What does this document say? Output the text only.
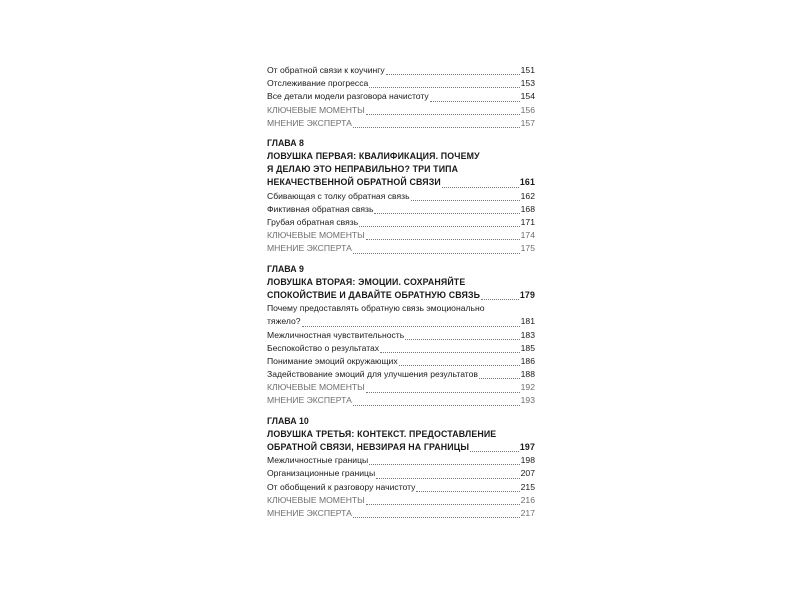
От обратной связи к коучингу	151
Отслеживание прогресса	153
Все детали модели разговора начистоту	154
КЛЮЧЕВЫЕ МОМЕНТЫ	156
МНЕНИЕ ЭКСПЕРТА	157
ГЛАВА 8
ЛОВУШКА ПЕРВАЯ: КВАЛИФИКАЦИЯ. ПОЧЕМУ
Я ДЕЛАЮ ЭТО НЕПРАВИЛЬНО? ТРИ ТИПА
НЕКАЧЕСТВЕННОЙ ОБРАТНОЙ СВЯЗИ	161
Сбивающая с толку обратная связь	162
Фиктивная обратная связь	168
Грубая обратная связь	171
КЛЮЧЕВЫЕ МОМЕНТЫ	174
МНЕНИЕ ЭКСПЕРТА	175
ГЛАВА 9
ЛОВУШКА ВТОРАЯ: ЭМОЦИИ. СОХРАНЯЙТЕ
СПОКОЙСТВИЕ И ДАВАЙТЕ ОБРАТНУЮ СВЯЗЬ	179
Почему предоставлять обратную связь эмоционально
тяжело?	181
Межличностная чувствительность	183
Беспокойство о результатах	185
Понимание эмоций окружающих	186
Задействование эмоций для улучшения результатов	188
КЛЮЧЕВЫЕ МОМЕНТЫ	192
МНЕНИЕ ЭКСПЕРТА	193
ГЛАВА 10
ЛОВУШКА ТРЕТЬЯ: КОНТЕКСТ. ПРЕДОСТАВЛЕНИЕ
ОБРАТНОЙ СВЯЗИ, НЕВЗИРАЯ НА ГРАНИЦЫ	197
Межличностные границы	198
Организационные границы	207
От обобщений к разговору начистоту	215
КЛЮЧЕВЫЕ МОМЕНТЫ	216
МНЕНИЕ ЭКСПЕРТА	217
